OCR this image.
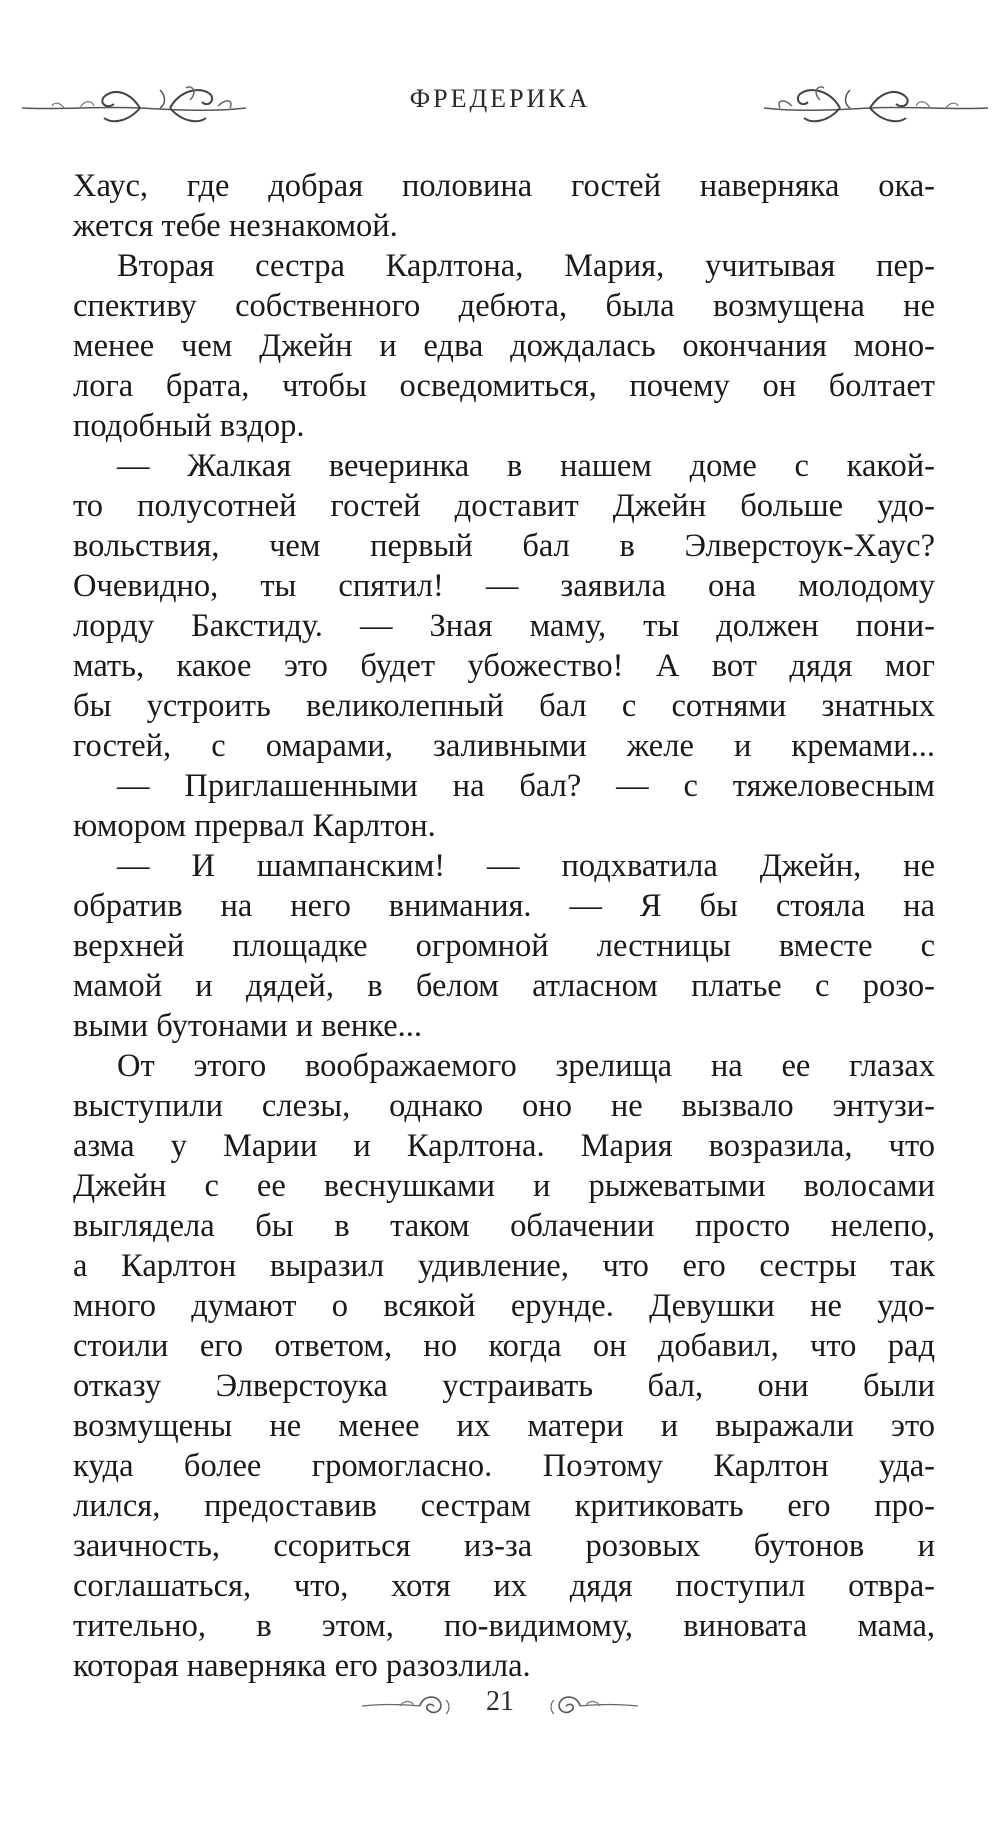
ФРЕДЕРИКА
Хаус, где добрая половина гостей наверняка ока-
жется тебе незнакомой.
Вторая сестра Карлтона, Мария, учитывая пер-
спективу собственного дебюта, была возмущена не
менее чем Джейн и едва дождалась окончания моно-
лога брата, чтобы осведомиться, почему он болтает
подобный вздор.
— Жалкая вечеринка в нашем доме с какой-
то полусотней гостей доставит Джейн больше удо-
вольствия, чем первый бал в Элверстоук-Хаус?
Очевидно, ты спятил! — заявила она молодому
лорду Бакстиду. — Зная маму, ты должен пони-
мать, какое это будет убожество! А вот дядя мог
бы устроить великолепный бал с сотнями знатных
гостей, с омарами, заливными желе и кремами...
— Приглашенными на бал? — с тяжеловесным
юмором прервал Карлтон.
— И шампанским! — подхватила Джейн, не
обратив на него внимания. — Я бы стояла на
верхней площадке огромной лестницы вместе с
мамой и дядей, в белом атласном платье с розо-
выми бутонами и венке...
От этого воображаемого зрелища на ее глазах
выступили слезы, однако оно не вызвало энтузи-
азма у Марии и Карлтона. Мария возразила, что
Джейн с ее веснушками и рыжеватыми волосами
выглядела бы в таком облачении просто нелепо,
а Карлтон выразил удивление, что его сестры так
много думают о всякой ерунде. Девушки не удо-
стоили его ответом, но когда он добавил, что рад
отказу Элверстоука устраивать бал, они были
возмущены не менее их матери и выражали это
куда более громогласно. Поэтому Карлтон уда-
лился, предоставив сестрам критиковать его про-
заичность, ссориться из-за розовых бутонов и
соглашаться, что, хотя их дядя поступил отвра-
тительно, в этом, по-видимому, виновата мама,
которая наверняка его разозлила.
21
